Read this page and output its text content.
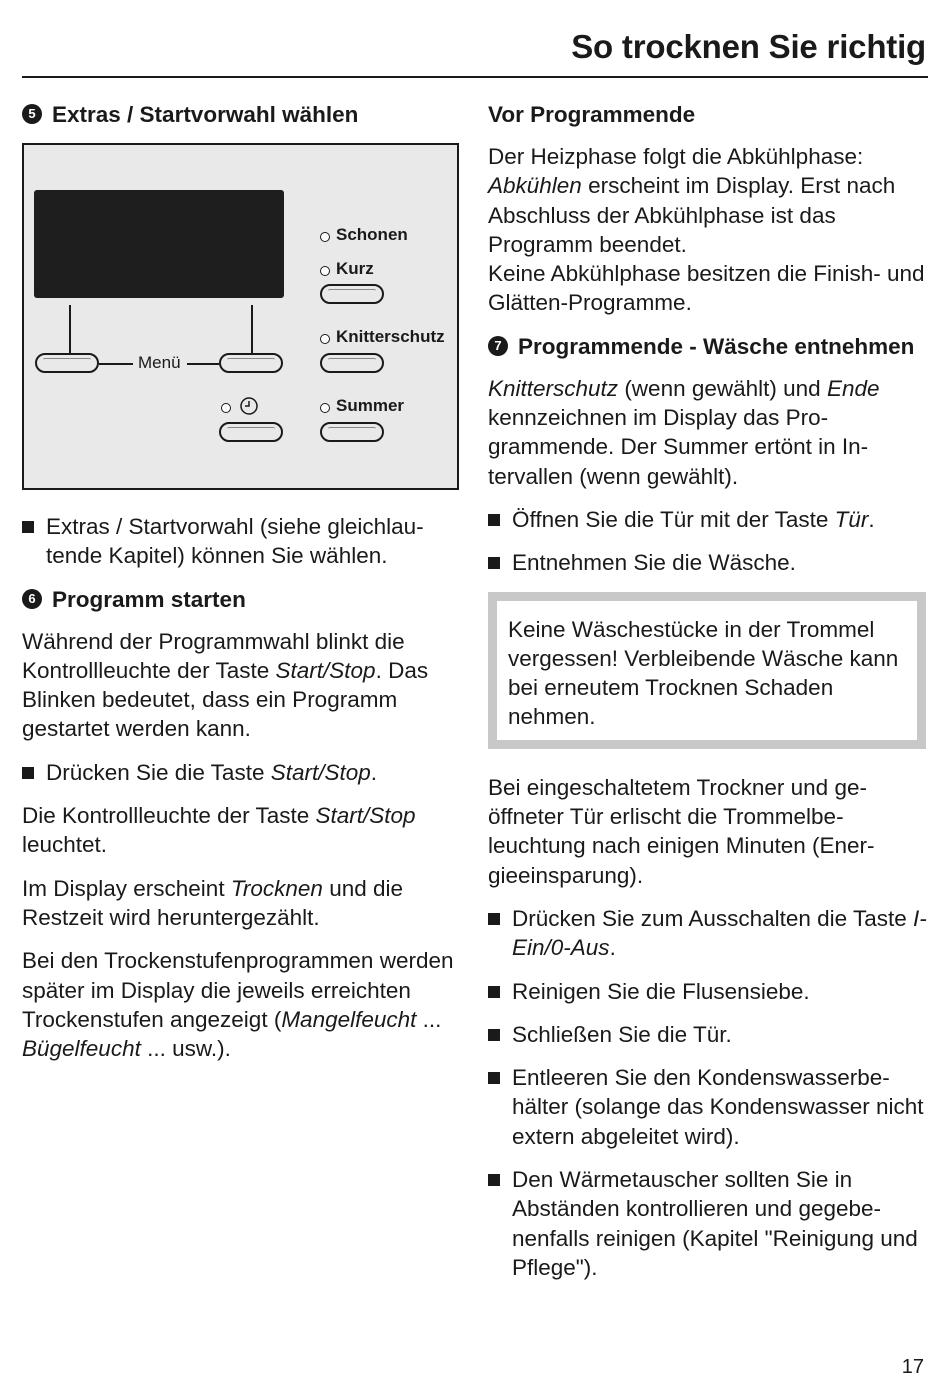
So trocknen Sie richtig
5 Extras / Startvorwahl wählen
Menü
Schonen
Kurz
Knitterschutz
Summer
Extras / Startvorwahl (siehe gleichlautende Kapitel) können Sie wählen.
6 Programm starten
Während der Programmwahl blinkt die Kontrollleuchte der Taste Start/Stop. Das Blinken bedeutet, dass ein Programm gestartet werden kann.
Drücken Sie die Taste Start/Stop.
Die Kontrollleuchte der Taste Start/Stop leuchtet.
Im Display erscheint Trocknen und die Restzeit wird heruntergezählt.
Bei den Trockenstufenprogrammen werden später im Display die jeweils erreichten Trockenstufen angezeigt (Mangelfeucht ... Bügelfeucht ... usw.).
Vor Programmende
Der Heizphase folgt die Abkühlphase: Abkühlen erscheint im Display. Erst nach Abschluss der Abkühlphase ist das Programm beendet.
Keine Abkühlphase besitzen die Finish- und Glätten-Programme.
7 Programmende - Wäsche entnehmen
Knitterschutz (wenn gewählt) und Ende kennzeichnen im Display das Programmende. Der Summer ertönt in Intervallen (wenn gewählt).
Öffnen Sie die Tür mit der Taste Tür.
Entnehmen Sie die Wäsche.
Keine Wäschestücke in der Trommel vergessen! Verbleibende Wäsche kann bei erneutem Trocknen Schaden nehmen.
Bei eingeschaltetem Trockner und geöffneter Tür erlischt die Trommelbeleuchtung nach einigen Minuten (Energieeinsparung).
Drücken Sie zum Ausschalten die Taste I-Ein/0-Aus.
Reinigen Sie die Flusensiebe.
Schließen Sie die Tür.
Entleeren Sie den Kondenswasserbehälter (solange das Kondenswasser nicht extern abgeleitet wird).
Den Wärmetauscher sollten Sie in Abständen kontrollieren und gegebenenfalls reinigen (Kapitel "Reinigung und Pflege").
17
